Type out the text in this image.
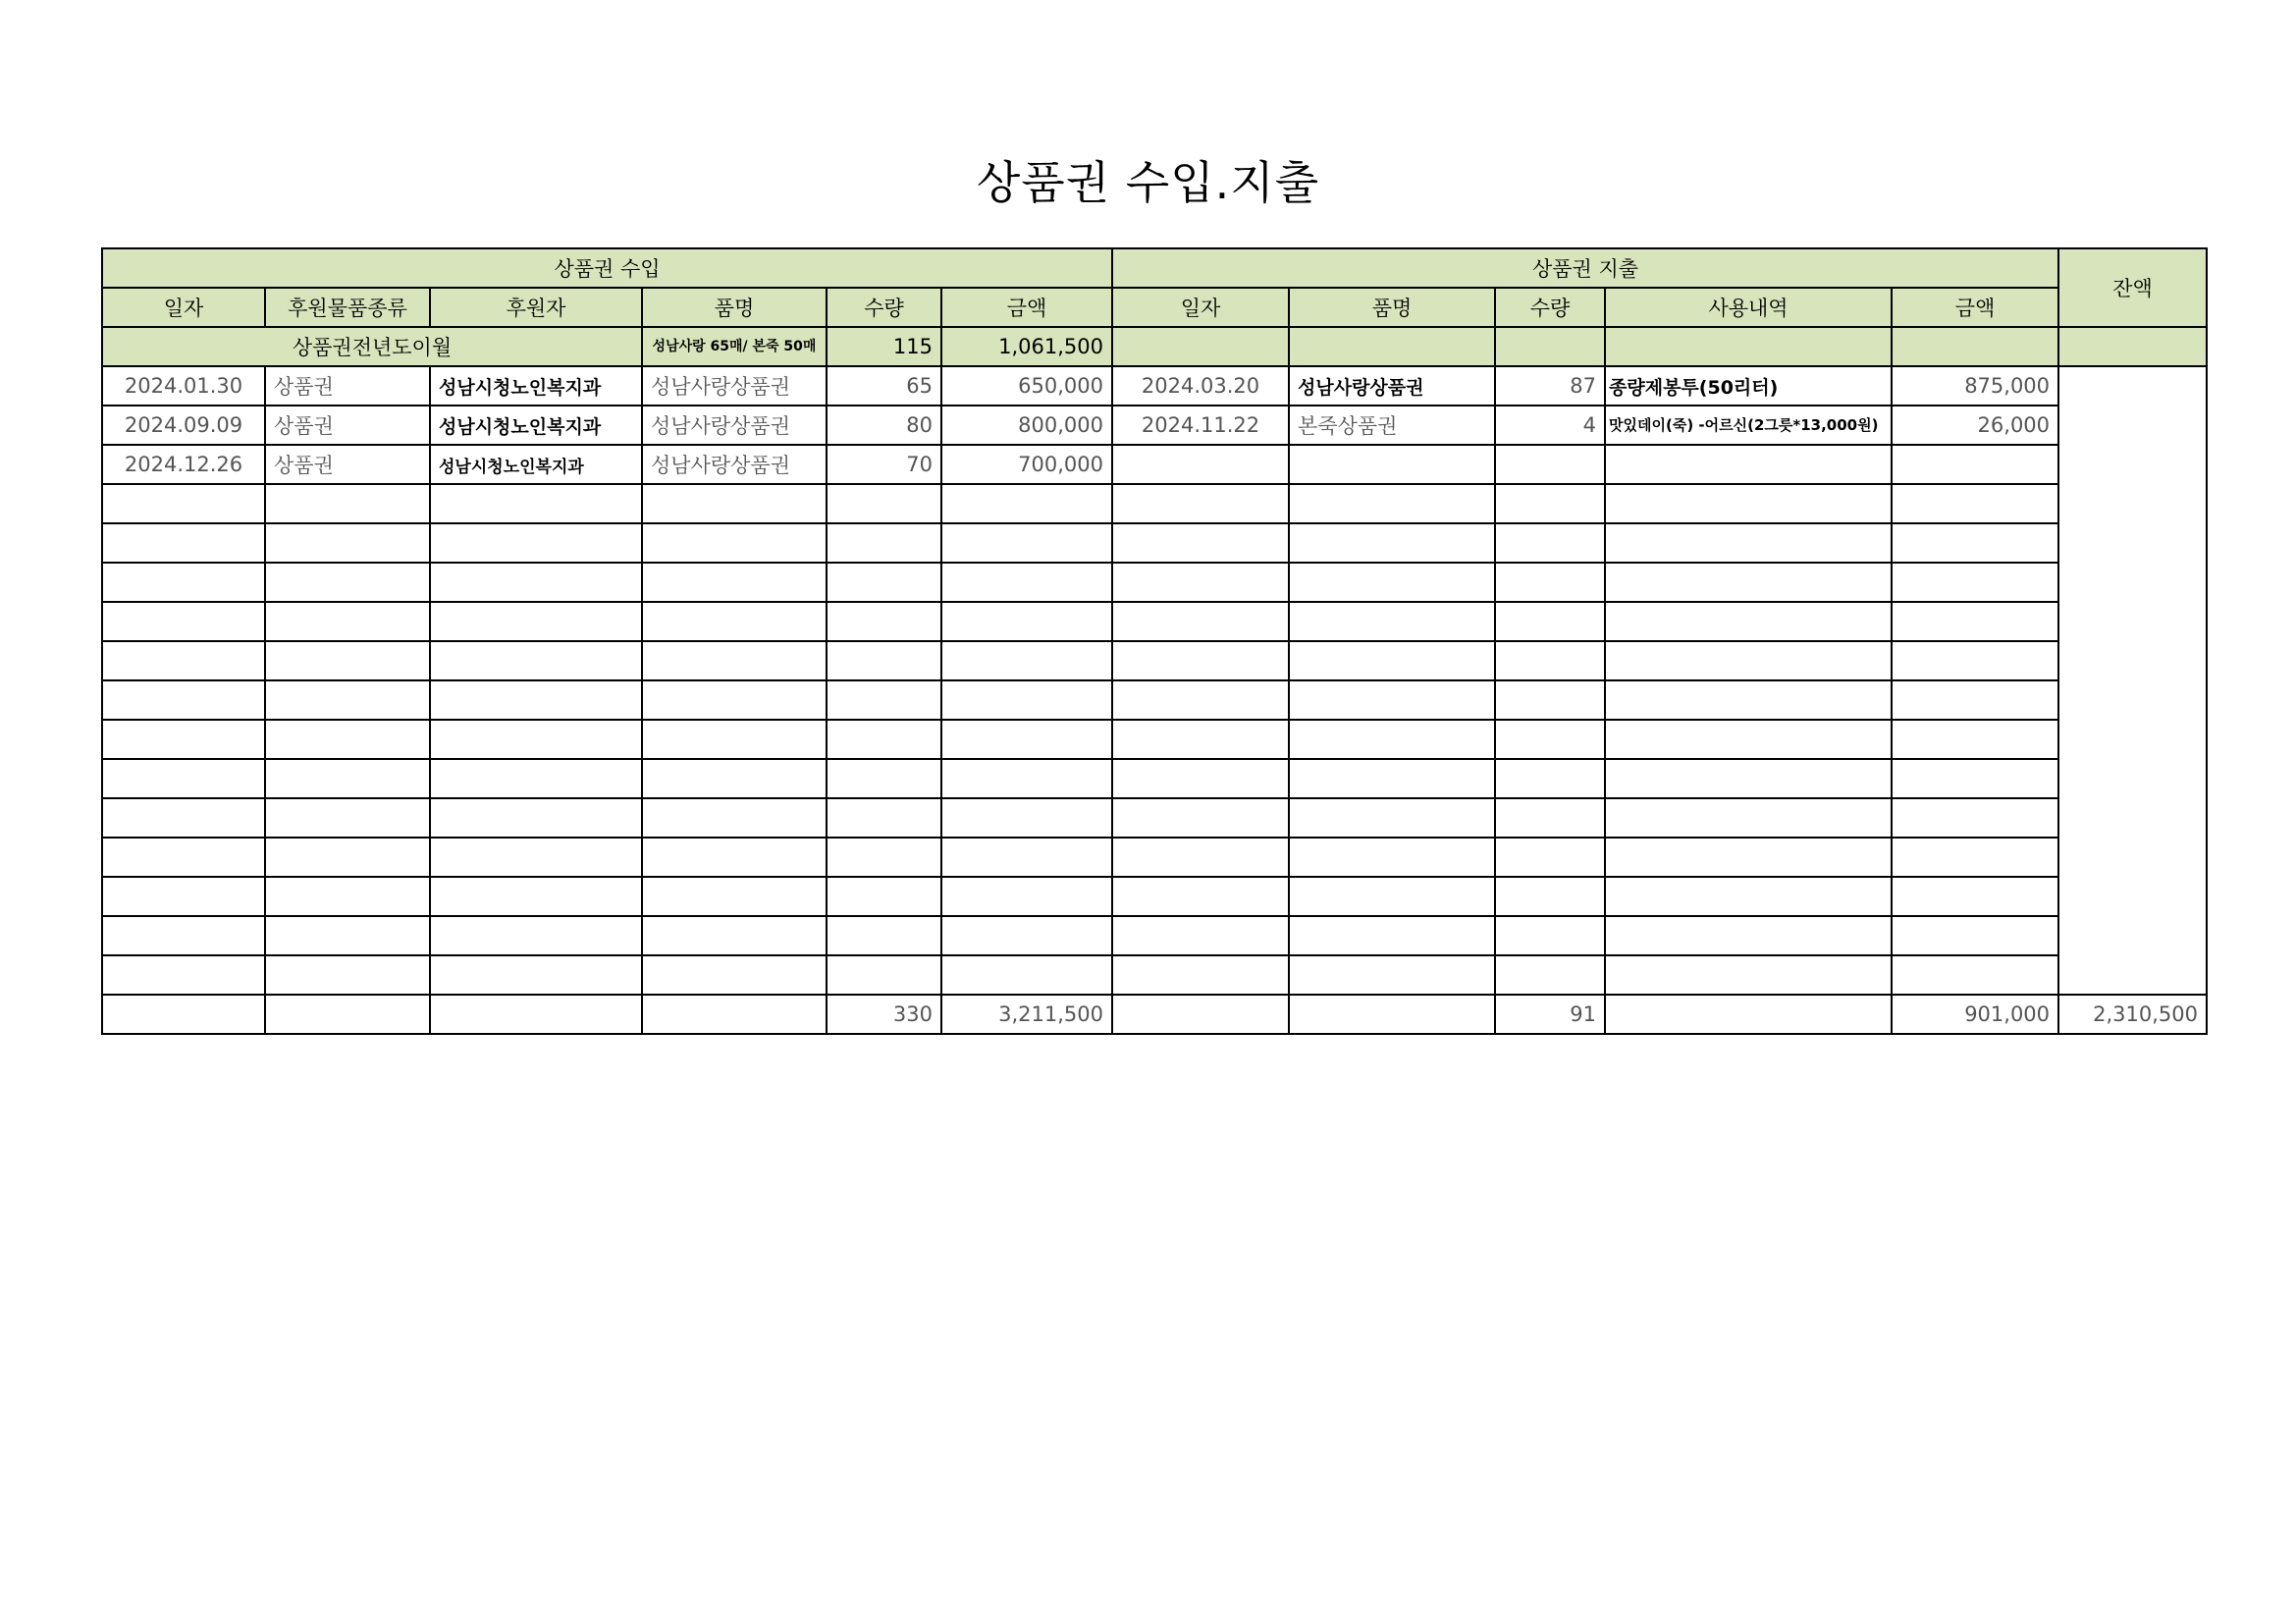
상품권 수입.지출
상품권 수입						상품권 지출					잔액
일자	후원물품종류	후원자	품명	수량	금액	일자	품명	수량	사용내역	금액	
상품권전년도이월			성남사랑 65매/ 본죽 50매	115	1,061,500						
2024.01.30	상품권	성남시청노인복지과	성남사랑상품권	65	650,000	2024.03.20	성남사랑상품권	87	종량제봉투(50리터)	875,000	
2024.09.09	상품권	성남시청노인복지과	성남사랑상품권	80	800,000	2024.11.22	본죽상품권	4	맛있데이(죽) -어르신(2그릇*13,000원)	26,000	
2024.12.26	상품권	성남시청노인복지과	성남사랑상품권	70	700,000						

				330	3,211,500			91		901,000	2,310,500
